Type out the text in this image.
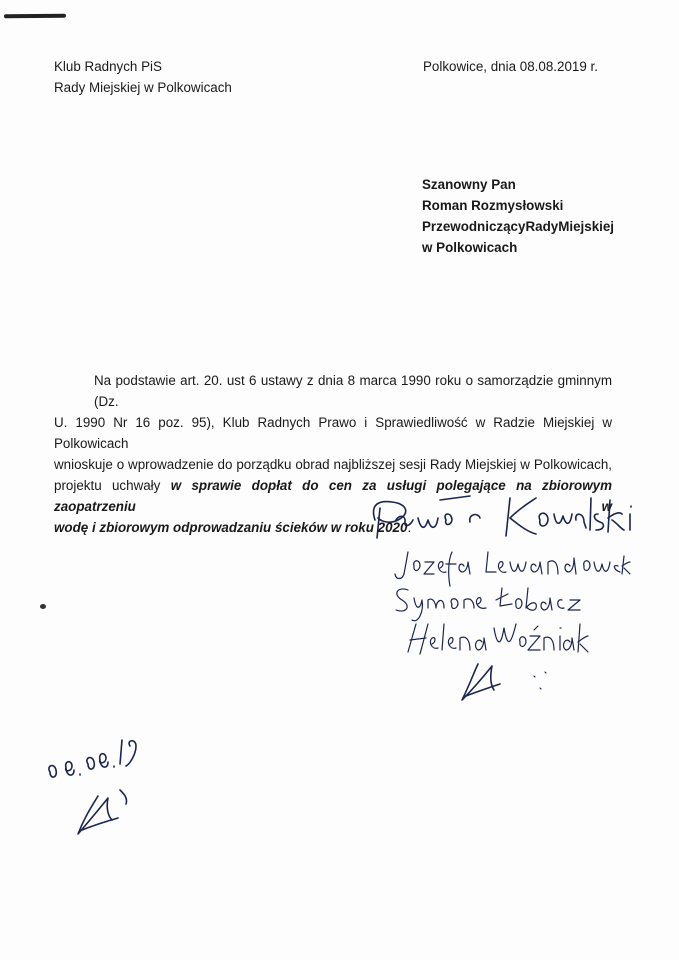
Klub Radnych PiS
Rady Miejskiej w Polkowicach
Polkowice, dnia 08.08.2019 r.
Szanowny Pan
Roman Rozmysłowski
Przewodniczący Rady Miejskiej
w Polkowicach
Na podstawie art. 20. ust 6 ustawy z dnia 8 marca 1990 roku o samorządzie gminnym (Dz.
U. 1990 Nr 16 poz. 95), Klub Radnych Prawo i Sprawiedliwość w Radzie Miejskiej w Polkowicach
wnioskuje o wprowadzenie do porządku obrad najbliższej sesji Rady Miejskiej w Polkowicach,
projektu uchwały w sprawie dopłat do cen za usługi polegające na zbiorowym zaopatrzeniu w
wodę i zbiorowym odprowadzaniu ścieków w roku 2020.
